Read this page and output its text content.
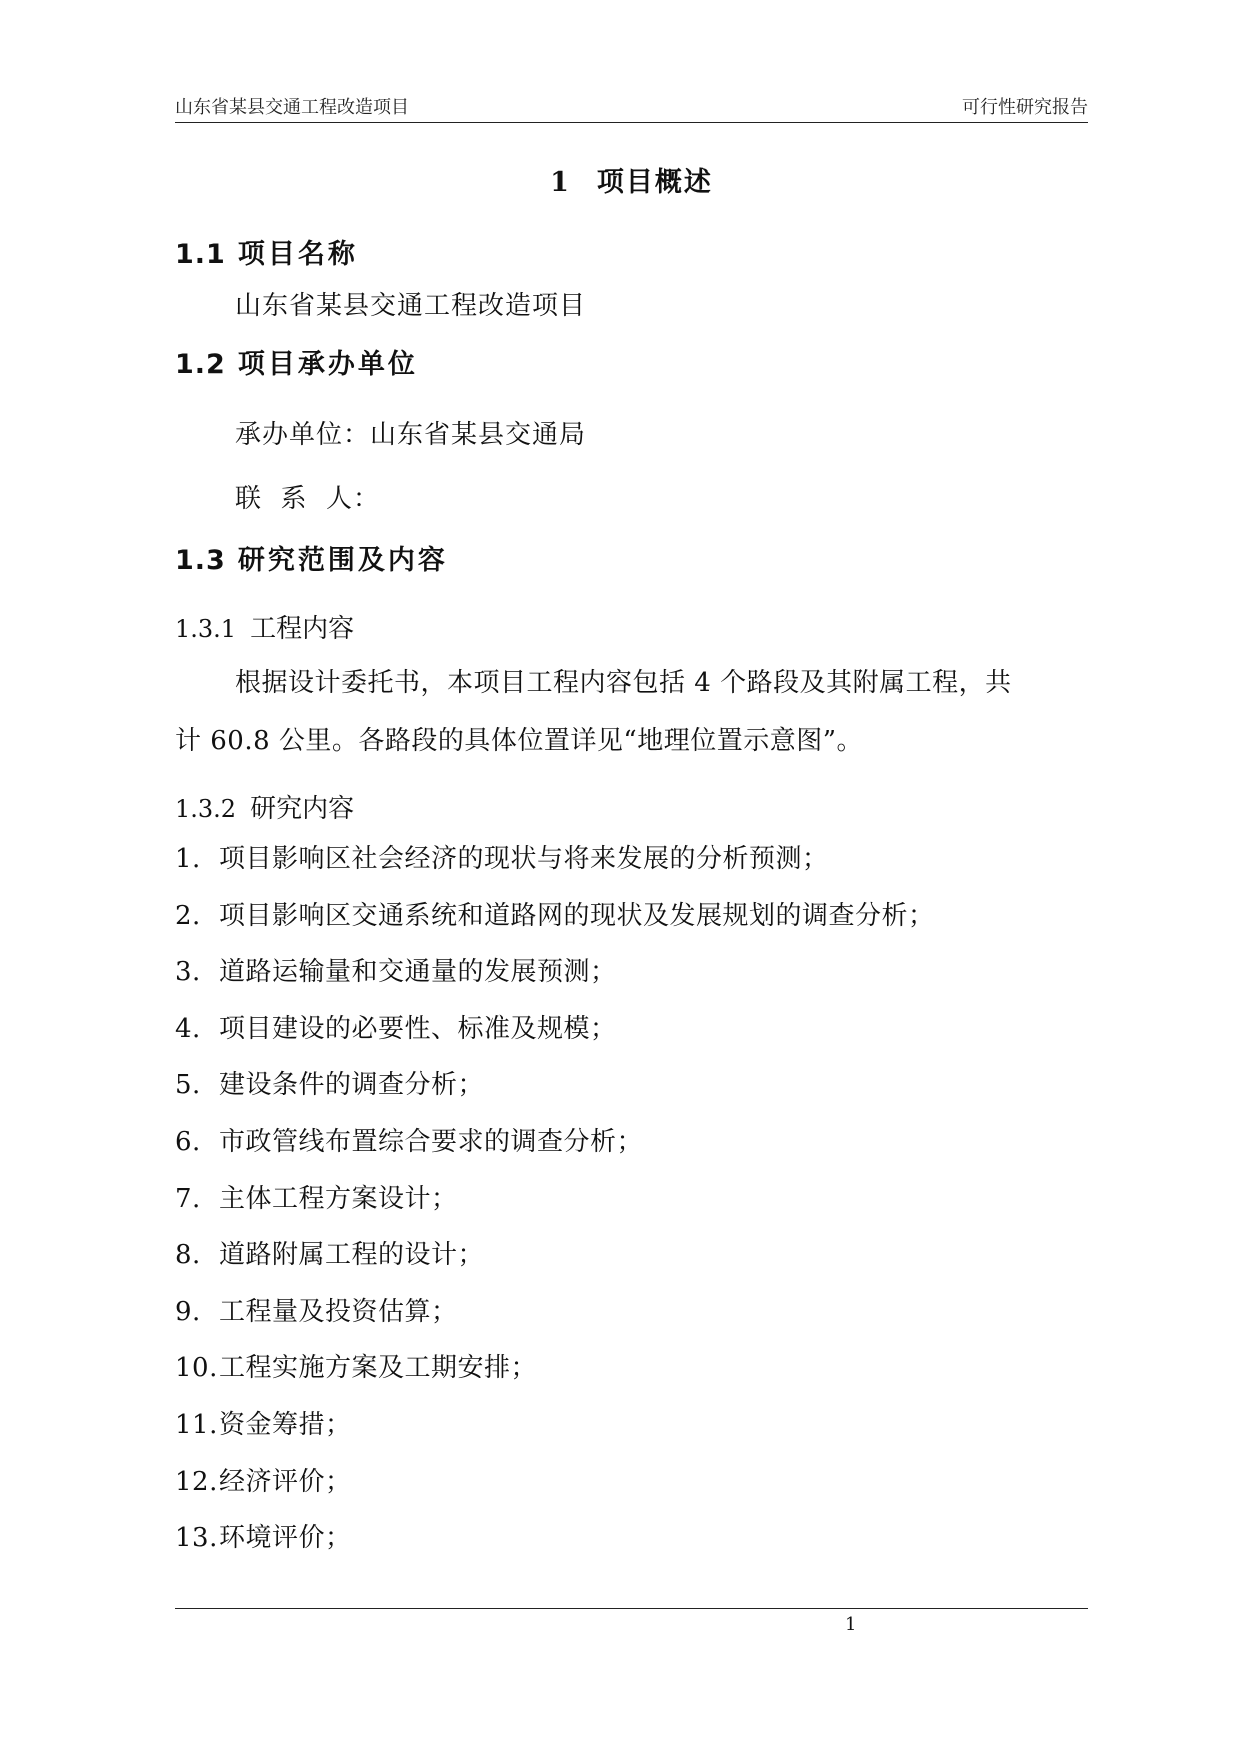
山东省某县交通工程改造项目	可行性研究报告
1 项目概述
1.1 项目名称
山东省某县交通工程改造项目
1.2 项目承办单位
承办单位：山东省某县交通局
联  系  人：
1.3 研究范围及内容
1.3.1 工程内容
根据设计委托书，本项目工程内容包括 4 个路段及其附属工程，共
计 60.8 公里。各路段的具体位置详见“地理位置示意图”。
1.3.2 研究内容
1. 项目影响区社会经济的现状与将来发展的分析预测；
2. 项目影响区交通系统和道路网的现状及发展规划的调查分析；
3. 道路运输量和交通量的发展预测；
4. 项目建设的必要性、标准及规模；
5. 建设条件的调查分析；
6. 市政管线布置综合要求的调查分析；
7. 主体工程方案设计；
8. 道路附属工程的设计；
9. 工程量及投资估算；
10.工程实施方案及工期安排；
11.资金筹措；
12.经济评价；
13.环境评价；
1
